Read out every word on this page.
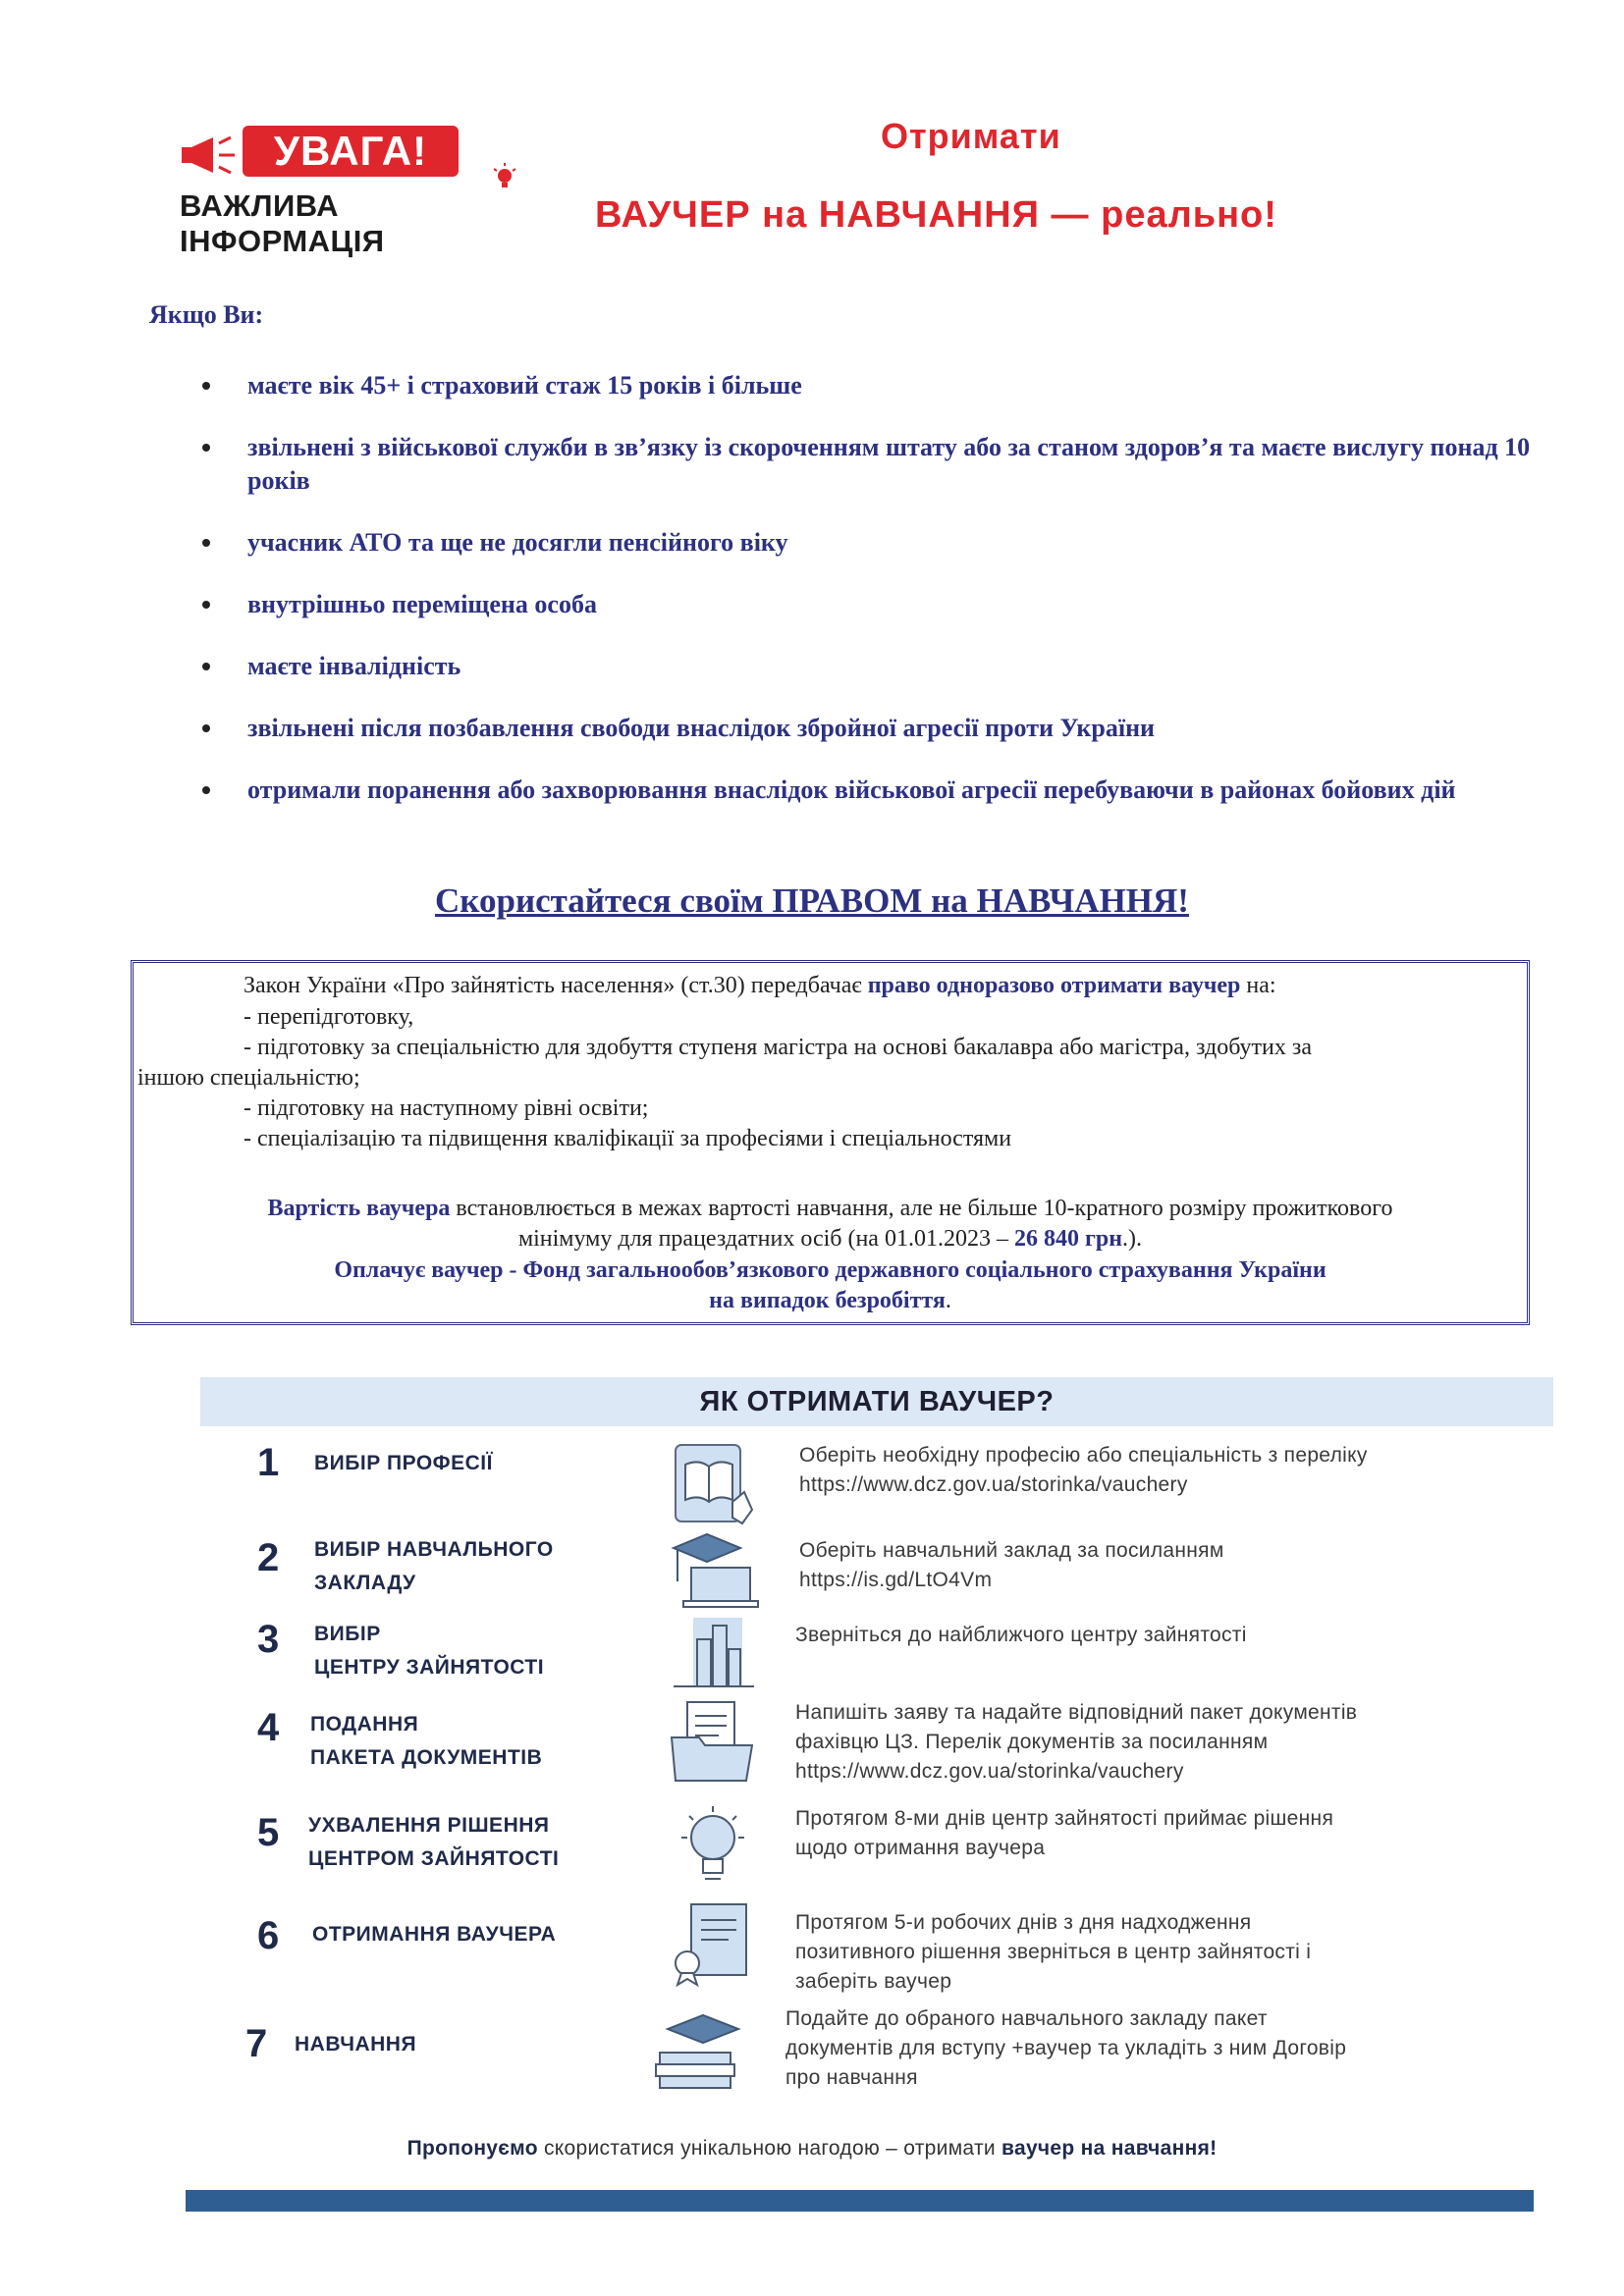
УВАГА!
ВАЖЛИВА ІНФОРМАЦІЯ
Отримати
ВАУЧЕР на НАВЧАННЯ — реально!
Якщо Ви:
маєте вік 45+ і страховий стаж 15 років і більше
звільнені з військової служби в зв’язку із скороченням штату або за станом здоров’я та маєте вислугу понад 10 років
учасник АТО та ще не досягли пенсійного віку
внутрішньо переміщена особа
маєте інвалідність
звільнені після позбавлення свободи внаслідок збройної агресії проти України
отримали поранення або захворювання внаслідок військової агресії перебуваючи в районах бойових дій
Скористайтеся своїм ПРАВОМ на НАВЧАННЯ!
Закон України «Про зайнятість населення» (ст.30) передбачає право одноразово отримати ваучер на:
- перепідготовку,
- підготовку за спеціальністю для здобуття ступеня магістра на основі бакалавра або магістра, здобутих за
іншою спеціальністю;
- підготовку на наступному рівні освіти;
- спеціалізацію та підвищення кваліфікації за професіями і спеціальностями
Вартість ваучера встановлюється в межах вартості навчання, але не більше 10-кратного розміру прожиткового
мінімуму для працездатних осіб (на 01.01.2023 – 26 840 грн.).
Оплачує ваучер - Фонд загальнообов’язкового державного соціального страхування України
на випадок безробіття.
ЯК ОТРИМАТИ ВАУЧЕР?
1 ВИБІР ПРОФЕСІЇ	Оберіть необхідну професію або спеціальність з переліку
https://www.dcz.gov.ua/storinka/vauchery
2 ВИБІР НАВЧАЛЬНОГО
ЗАКЛАДУ
Оберіть навчальний заклад за посиланням
https://is.gd/LtO4Vm
3 ВИБІР
ЦЕНТРУ ЗАЙНЯТОСТІ
Зверніться до найближчого центру зайнятості
4 ПОДАННЯ
ПАКЕТА ДОКУМЕНТІВ
Напишіть заяву та надайте відповідний пакет документів
фахівцю ЦЗ. Перелік документів за посиланням
https://www.dcz.gov.ua/storinka/vauchery
5 УХВАЛЕННЯ РІШЕННЯ
ЦЕНТРОМ ЗАЙНЯТОСТІ
Протягом 8-ми днів центр зайнятості приймає рішення
щодо отримання ваучера
6 ОТРИМАННЯ ВАУЧЕРА
Протягом 5-и робочих днів з дня надходження
позитивного рішення зверніться в центр зайнятості і
заберіть ваучер
7 НАВЧАННЯ
Подайте до обраного навчального закладу пакет
документів для вступу +ваучер та укладіть з ним Договір
про навчання
Пропонуємо скористатися унікальною нагодою – отримати ваучер на навчання!
